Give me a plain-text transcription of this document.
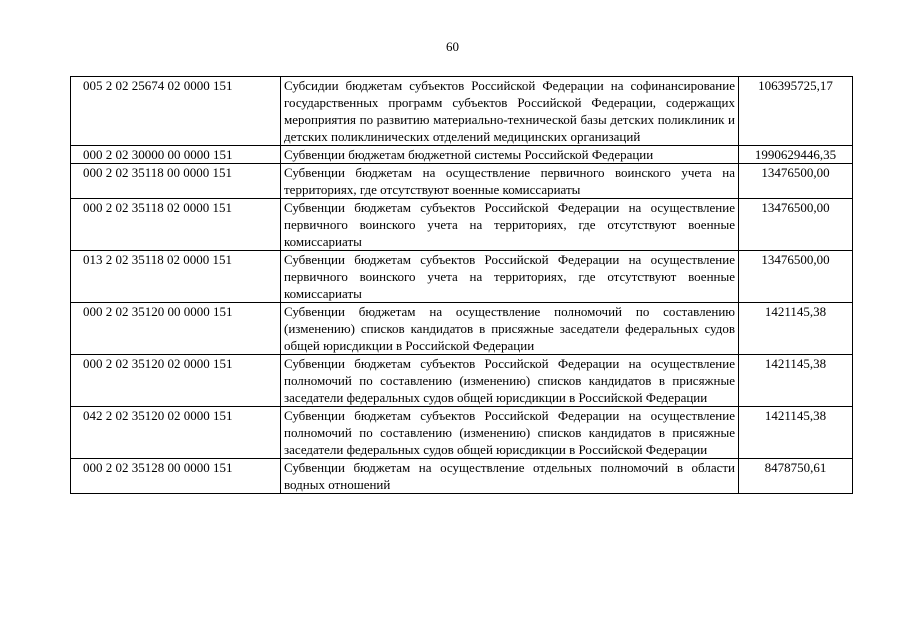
60
005 2 02 25674 02 0000 151	Субсидии бюджетам субъектов Российской Федерации на софинансирование государственных программ субъектов Российской Федерации, содержащих мероприятия по развитию материально-технической базы детских поликлиник и детских поликлинических отделений медицинских организаций	106395725,17
000 2 02 30000 00 0000 151	Субвенции бюджетам бюджетной системы Российской Федерации	1990629446,35
000 2 02 35118 00 0000 151	Субвенции бюджетам на осуществление первичного воинского учета на территориях, где отсутствуют военные комиссариаты	13476500,00
000 2 02 35118 02 0000 151	Субвенции бюджетам субъектов Российской Федерации на осуществление первичного воинского учета на территориях, где отсутствуют военные комиссариаты	13476500,00
013 2 02 35118 02 0000 151	Субвенции бюджетам субъектов Российской Федерации на осуществление первичного воинского учета на территориях, где отсутствуют военные комиссариаты	13476500,00
000 2 02 35120 00 0000 151	Субвенции бюджетам на осуществление полномочий по составлению (изменению) списков кандидатов в присяжные заседатели федеральных судов общей юрисдикции в Российской Федерации	1421145,38
000 2 02 35120 02 0000 151	Субвенции бюджетам субъектов Российской Федерации на осуществление полномочий по составлению (изменению) списков кандидатов в присяжные заседатели федеральных судов общей юрисдикции в Российской Федерации	1421145,38
042 2 02 35120 02 0000 151	Субвенции бюджетам субъектов Российской Федерации на осуществление полномочий по составлению (изменению) списков кандидатов в присяжные заседатели федеральных судов общей юрисдикции в Российской Федерации	1421145,38
000 2 02 35128 00 0000 151	Субвенции бюджетам на осуществление отдельных полномочий в области водных отношений	8478750,61
